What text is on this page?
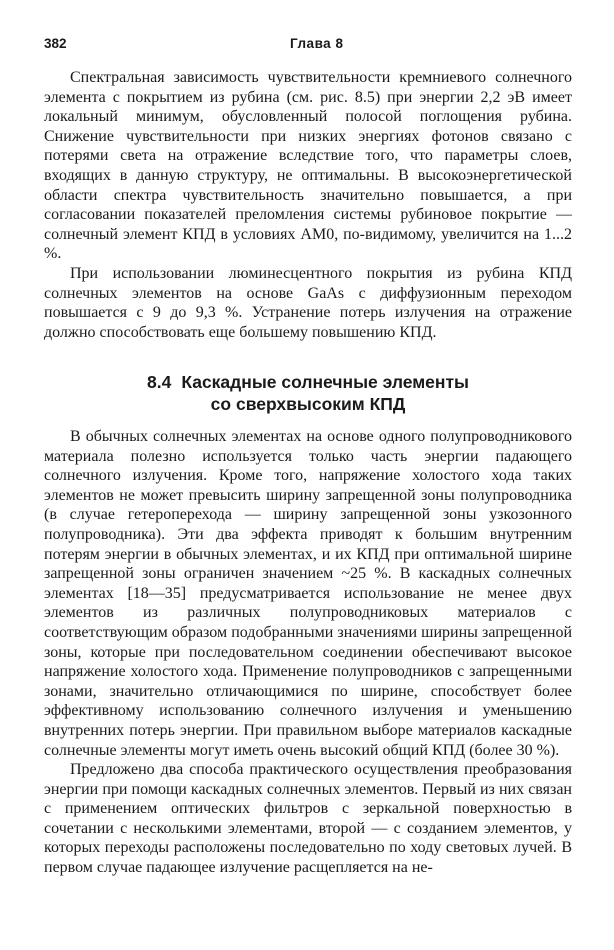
382	Глава 8

Спектральная зависимость чувствительности кремниевого солнечного элемента с покрытием из рубина (см. рис. 8.5) при энергии 2,2 эВ имеет локальный минимум, обусловленный полосой поглощения рубина. Снижение чувствительности при низких энергиях фотонов связано с потерями света на отражение вследствие того, что параметры слоев, входящих в данную структуру, не оптимальны. В высокоэнергетической области спектра чувствительность значительно повышается, а при согласовании показателей преломления системы рубиновое покрытие — солнечный элемент КПД в условиях АМ0, по-видимому, увеличится на 1...2 %.

При использовании люминесцентного покрытия из рубина КПД солнечных элементов на основе GaAs с диффузионным переходом повышается с 9 до 9,3 %. Устранение потерь излучения на отражение должно способствовать еще большему повышению КПД.

8.4 Каскадные солнечные элементы
со сверхвысоким КПД

В обычных солнечных элементах на основе одного полупроводникового материала полезно используется только часть энергии падающего солнечного излучения. Кроме того, напряжение холостого хода таких элементов не может превысить ширину запрещенной зоны полупроводника (в случае гетероперехода — ширину запрещенной зоны узкозонного полупроводника). Эти два эффекта приводят к большим внутренним потерям энергии в обычных элементах, и их КПД при оптимальной ширине запрещенной зоны ограничен значением ~25 %. В каскадных солнечных элементах [18—35] предусматривается использование не менее двух элементов из различных полупроводниковых материалов с соответствующим образом подобранными значениями ширины запрещенной зоны, которые при последовательном соединении обеспечивают высокое напряжение холостого хода. Применение полупроводников с запрещенными зонами, значительно отличающимися по ширине, способствует более эффективному использованию солнечного излучения и уменьшению внутренних потерь энергии. При правильном выборе материалов каскадные солнечные элементы могут иметь очень высокий общий КПД (более 30 %).

Предложено два способа практического осуществления преобразования энергии при помощи каскадных солнечных элементов. Первый из них связан с применением оптических фильтров с зеркальной поверхностью в сочетании с несколькими элементами, второй — с созданием элементов, у которых переходы расположены последовательно по ходу световых лучей. В первом случае падающее излучение расщепляется на не-
